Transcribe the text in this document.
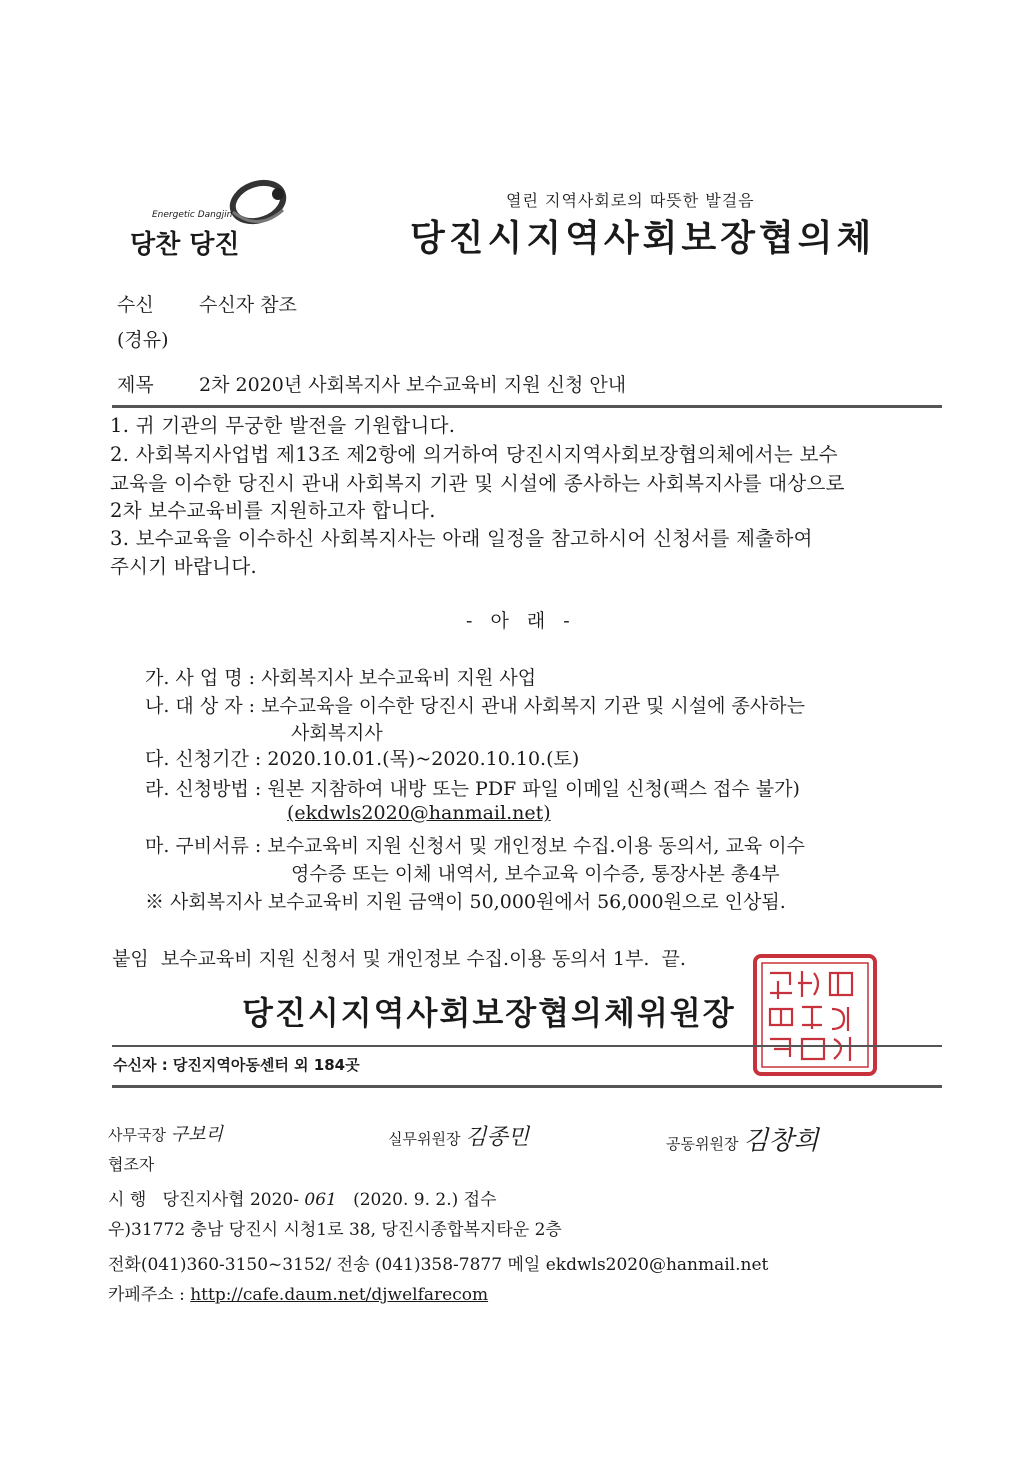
Energetic Dangjin
당찬 당진
열린 지역사회로의 따뜻한 발걸음
당진시지역사회보장협의체
수신 수신자 참조
(경유)
제목 2차 2020년 사회복지사 보수교육비 지원 신청 안내
1. 귀 기관의 무궁한 발전을 기원합니다.
2. 사회복지사업법 제13조 제2항에 의거하여 당진시지역사회보장협의체에서는 보수
교육을 이수한 당진시 관내 사회복지 기관 및 시설에 종사하는 사회복지사를 대상으로
2차 보수교육비를 지원하고자 합니다.
3. 보수교육을 이수하신 사회복지사는 아래 일정을 참고하시어 신청서를 제출하여
주시기 바랍니다.
- 아 래 -
가. 사 업 명 : 사회복지사 보수교육비 지원 사업
나. 대 상 자 : 보수교육을 이수한 당진시 관내 사회복지 기관 및 시설에 종사하는
사회복지사
다. 신청기간 : 2020.10.01.(목)~2020.10.10.(토)
라. 신청방법 : 원본 지참하여 내방 또는 PDF 파일 이메일 신청(팩스 접수 불가)
(ekdwls2020@hanmail.net)
마. 구비서류 : 보수교육비 지원 신청서 및 개인정보 수집.이용 동의서, 교육 이수
영수증 또는 이체 내역서, 보수교육 이수증, 통장사본 총4부
※ 사회복지사 보수교육비 지원 금액이 50,000원에서 56,000원으로 인상됨.
붙임 보수교육비 지원 신청서 및 개인정보 수집.이용 동의서 1부. 끝.
당진시지역사회보장협의체위원장
수신자 : 당진지역아동센터 외 184곳
사무국장 구보리	실무위원장 김종민	공동위원장 김창희
협조자
시 행 당진지사협 2020- 061 (2020. 9. 2.) 접수
우)31772 충남 당진시 시청1로 38, 당진시종합복지타운 2층
전화(041)360-3150~3152/ 전송 (041)358-7877 메일 ekdwls2020@hanmail.net
카페주소 : http://cafe.daum.net/djwelfarecom
